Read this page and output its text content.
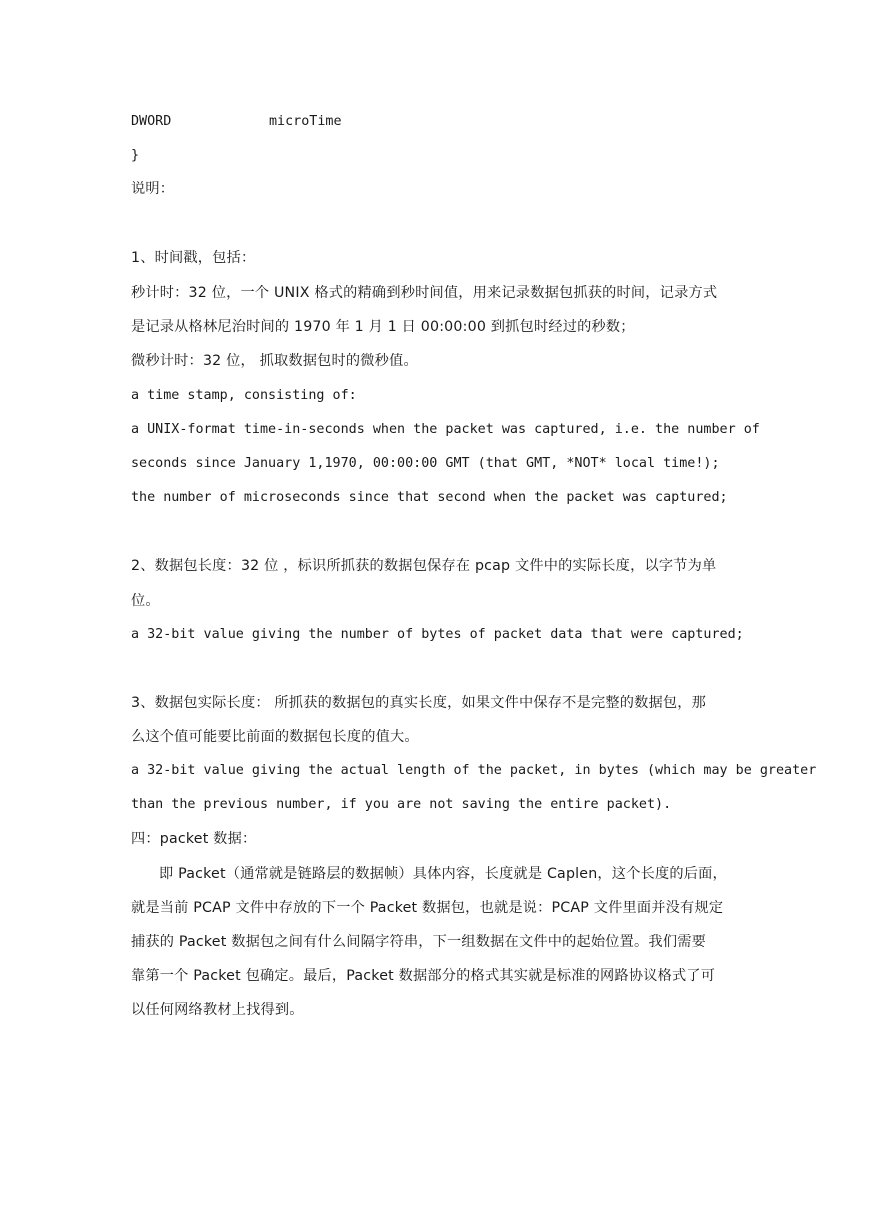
DWORD	microTime
}
说明：
1、时间戳，包括：
秒计时：32 位，一个 UNIX 格式的精确到秒时间值，用来记录数据包抓获的时间，记录方式
是记录从格林尼治时间的 1970 年 1 月 1 日 00:00:00 到抓包时经过的秒数；
微秒计时：32 位， 抓取数据包时的微秒值。
a time stamp, consisting of:
a UNIX-format time-in-seconds when the packet was captured, i.e. the number of
seconds since January 1,1970, 00:00:00 GMT (that GMT, *NOT* local time!);
the number of microseconds since that second when the packet was captured;
2、数据包长度：32 位 ，标识所抓获的数据包保存在 pcap 文件中的实际长度，以字节为单
位。
a 32-bit value giving the number of bytes of packet data that were captured;
3、数据包实际长度： 所抓获的数据包的真实长度，如果文件中保存不是完整的数据包，那
么这个值可能要比前面的数据包长度的值大。
a 32-bit value giving the actual length of the packet, in bytes (which may be greater
than the previous number, if you are not saving the entire packet).
四：packet 数据：
即 Packet（通常就是链路层的数据帧）具体内容，长度就是 Caplen，这个长度的后面，
就是当前 PCAP 文件中存放的下一个 Packet 数据包，也就是说：PCAP 文件里面并没有规定
捕获的 Packet 数据包之间有什么间隔字符串，下一组数据在文件中的起始位置。我们需要
靠第一个 Packet 包确定。最后，Packet 数据部分的格式其实就是标准的网路协议格式了可
以任何网络教材上找得到。
